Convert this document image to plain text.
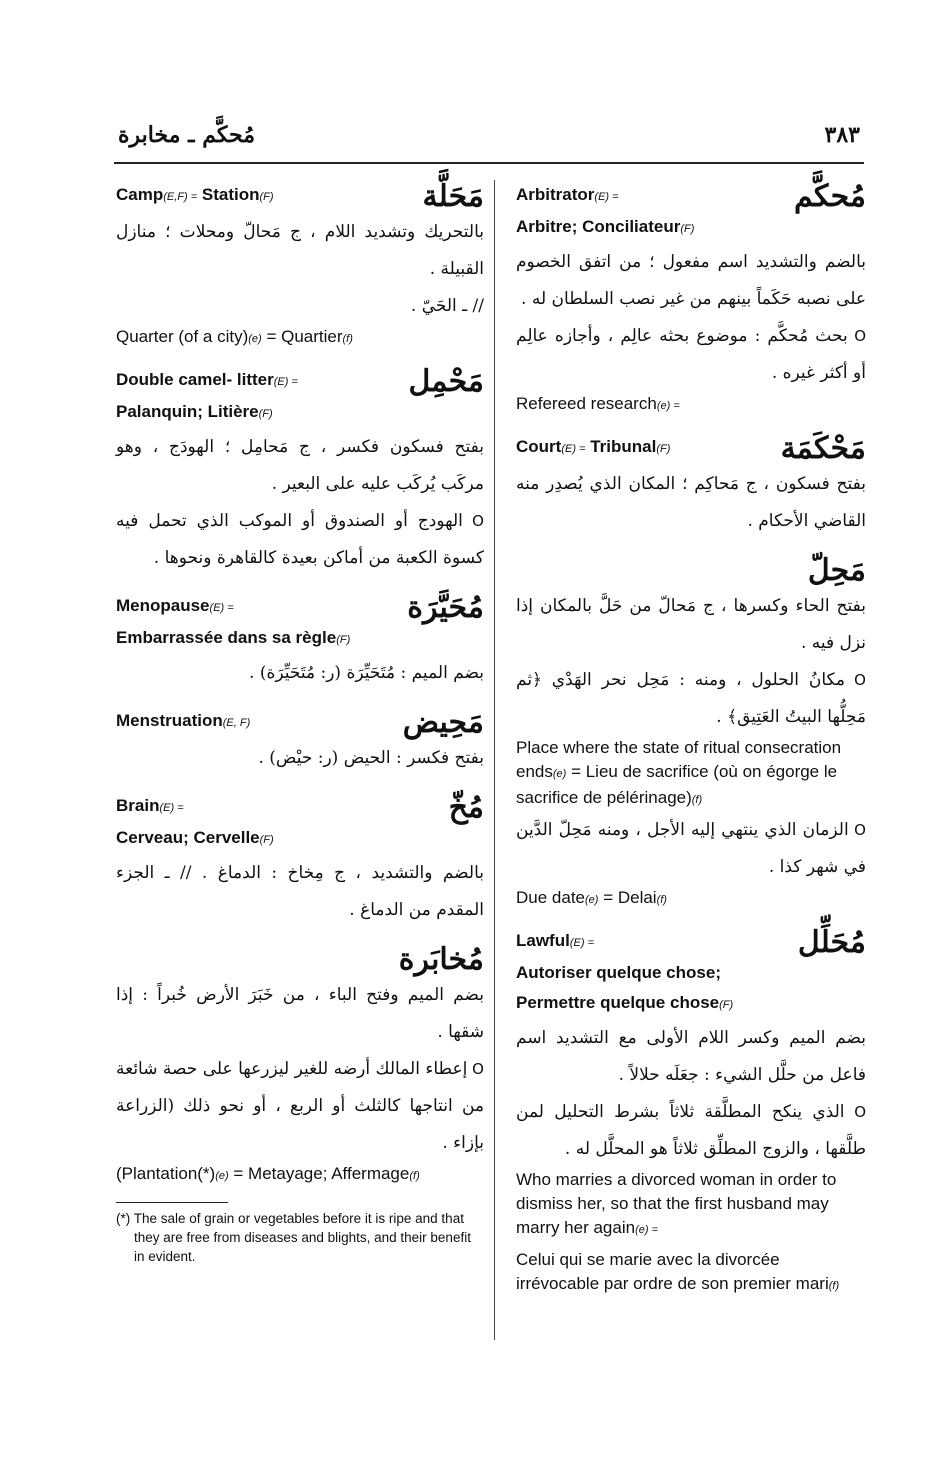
مُحكَّم ـ مخابرة	٣٨٣
مُحكَّم
Arbitrator(E) =
Arbitre; Conciliateur(F)
بالضم والتشديد اسم مفعول ؛ من اتفق الخصوم على نصبه حَكَماً بينهم من غير نصب السلطان له .
O بحث مُحكَّم : موضوع بحثه عالِم ، وأجازه عالِم أو أكثر غيره .
Refereed research(e) =
مَحْكَمَة
Court(E) = Tribunal(F)
بفتح فسكون ، ج مَحاكِم ؛ المكان الذي يُصدِر منه القاضي الأحكام .
مَحِلّ
بفتح الحاء وكسرها ، ج مَحالّ من حَلَّ بالمكان إذا نزل فيه .
O مكانُ الحلول ، ومنه : مَحِل نحر الهَدْي ﴿ثم مَحِلُّها البيتُ العَتِيق﴾ .
Place where the state of ritual consecration ends(e) = Lieu de sacrifice (où on égorge le sacrifice de pélérinage)(f)
O الزمان الذي ينتهي إليه الأجل ، ومنه مَحِلّ الدَّين في شهر كذا .
Due date(e) = Delai(f)
مُحَلِّل
Lawful(E) =
Autoriser quelque chose; Permettre quelque chose(F)
بضم الميم وكسر اللام الأولى مع التشديد اسم فاعل من حلَّل الشيء : جعَلَه حلالاً .
O الذي ينكح المطلَّقة ثلاثاً بشرط التحليل لمن طلَّقها ، والزوج المطلِّق ثلاثاً هو المحلَّل له .
Who marries a divorced woman in order to dismiss her, so that the first husband may marry her again(e) =
Celui qui se marie avec la divorcée irrévocable par ordre de son premier mari(f)
مَحَلَّة
Camp(E,F) = Station(F)
بالتحريك وتشديد اللام ، ج مَحالّ ومحلات ؛ منازل القبيلة .
// ـ الحَيّ .
Quarter (of a city)(e) = Quartier(f)
مَحْمِل
Double camel- litter(E) =
Palanquin; Litière(F)
بفتح فسكون فكسر ، ج مَحامِل ؛ الهودَج ، وهو مركَب يُركَب عليه على البعير .
O الهودج أو الصندوق أو الموكب الذي تحمل فيه كسوة الكعبة من أماكن بعيدة كالقاهرة ونحوها .
مُحَيَّرَة
Menopause(E) =
Embarrassée dans sa règle(F)
بضم الميم : مُتَحَيِّرَة (ر: مُتَحَيِّرَة) .
مَحِيض
Menstruation(E, F)
بفتح فكسر : الحيض (ر: حيْض) .
مُخّ
Brain(E) =
Cerveau; Cervelle(F)
بالضم والتشديد ، ج مِخاخ : الدماغ . // ـ الجزء المقدم من الدماغ .
مُخابَرة
بضم الميم وفتح الباء ، من خَبَرَ الأرض خُبراً : إذا شقها .
O إعطاء المالك أرضه للغير ليزرعها على حصة شائعة من انتاجها كالثلث أو الربع ، أو نحو ذلك (الزراعة بإزاء .
(Plantation(*)(e) = Metayage; Affermage(f)
(*) The sale of grain or vegetables before it is ripe and that they are free from diseases and blights, and their benefit in evident.
